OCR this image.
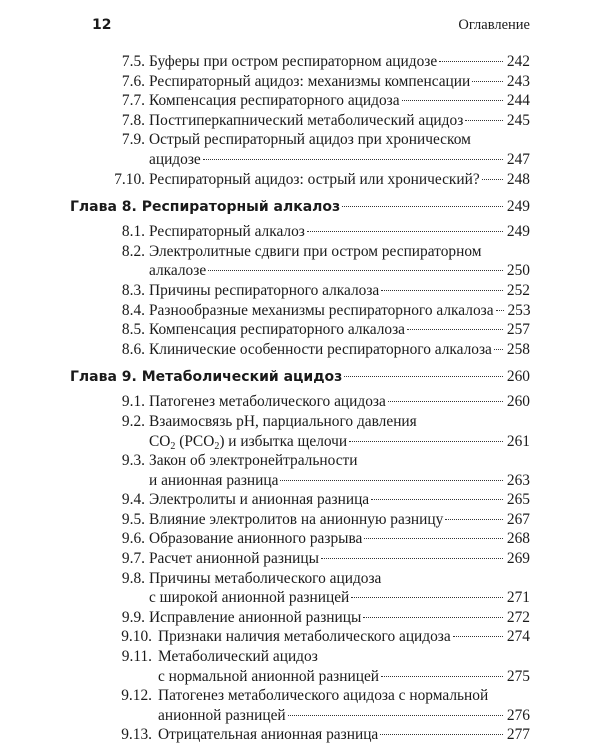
12	Оглавление
7.5. Буферы при остром респираторном ацидозе	242
7.6. Респираторный ацидоз: механизмы компенсации 243
7.7. Компенсация респираторного ацидоза	244
7.8. Постгиперкапнический метаболический ацидоз	245
7.9. Острый респираторный ацидоз при хроническом
ацидозе	247
7.10. Респираторный ацидоз: острый или хронический? 248
Глава 8. Респираторный алкалоз	249
8.1. Респираторный алкалоз	249
8.2. Электролитные сдвиги при остром респираторном
алкалозе	250
8.3. Причины респираторного алкалоза	252
8.4. Разнообразные механизмы респираторного алкалоза 253
8.5. Компенсация респираторного алкалоза	257
8.6. Клинические особенности респираторного алкалоза 258
Глава 9. Метаболический ацидоз	260
9.1. Патогенез метаболического ацидоза	260
9.2. Взаимосвязь pH, парциального давления
$CO_2$ $(PCO_2)$ и избытка щелочи	261
9.3. Закон об электронейтральности
и анионная разница	263
9.4. Электролиты и анионная разница	265
9.5. Влияние электролитов на анионную разницу	267
9.6. Образование анионного разрыва	268
9.7. Расчет анионной разницы	269
9.8. Причины метаболического ацидоза
с широкой анионной разницей	271
9.9. Исправление анионной разницы	272
9.10. Признаки наличия метаболического ацидоза	274
9.11. Метаболический ацидоз
с нормальной анионной разницей	275
9.12. Патогенез метаболического ацидоза с нормальной
анионной разницей	276
9.13. Отрицательная анионная разница	277
